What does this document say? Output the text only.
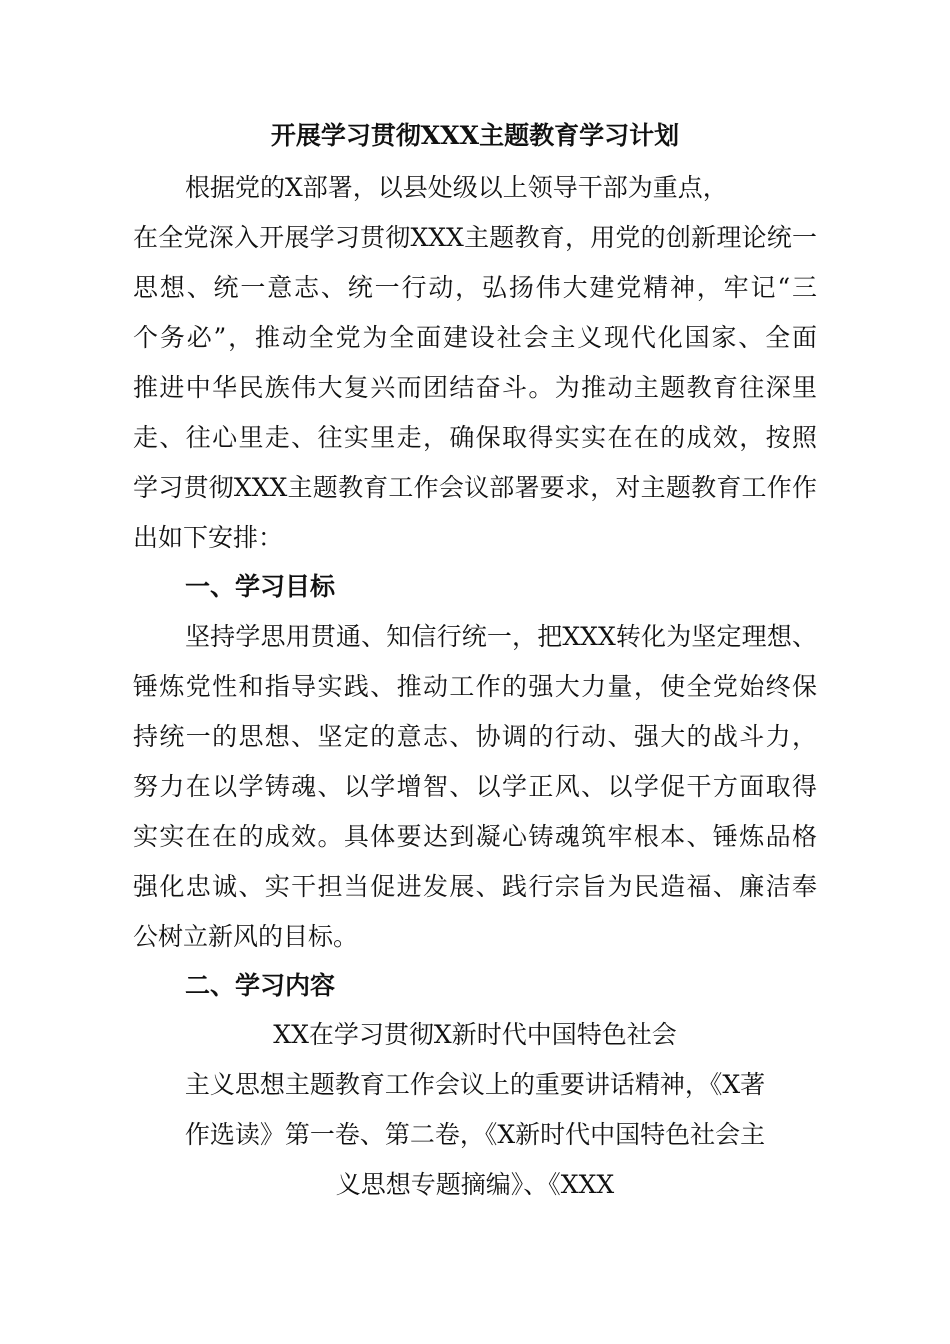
开展学习贯彻XXX主题教育学习计划
根据党的X部署，以县处级以上领导干部为重点，
在全党深入开展学习贯彻XXX主题教育，用党的创新理论统一
思想、统一意志、统一行动，弘扬伟大建党精神，牢记“三
个务必”，推动全党为全面建设社会主义现代化国家、全面
推进中华民族伟大复兴而团结奋斗。为推动主题教育往深里
走、往心里走、往实里走，确保取得实实在在的成效，按照
学习贯彻XXX主题教育工作会议部署要求，对主题教育工作作
出如下安排：
一、学习目标
坚持学思用贯通、知信行统一，把XXX转化为坚定理想、
锤炼党性和指导实践、推动工作的强大力量，使全党始终保
持统一的思想、坚定的意志、协调的行动、强大的战斗力，
努力在以学铸魂、以学增智、以学正风、以学促干方面取得
实实在在的成效。具体要达到凝心铸魂筑牢根本、锤炼品格
强化忠诚、实干担当促进发展、践行宗旨为民造福、廉洁奉
公树立新风的目标。
二、学习内容
XX在学习贯彻X新时代中国特色社会
主义思想主题教育工作会议上的重要讲话精神，《X著
作选读》第一卷、第二卷，《X新时代中国特色社会主
义思想专题摘编》、《XXX
